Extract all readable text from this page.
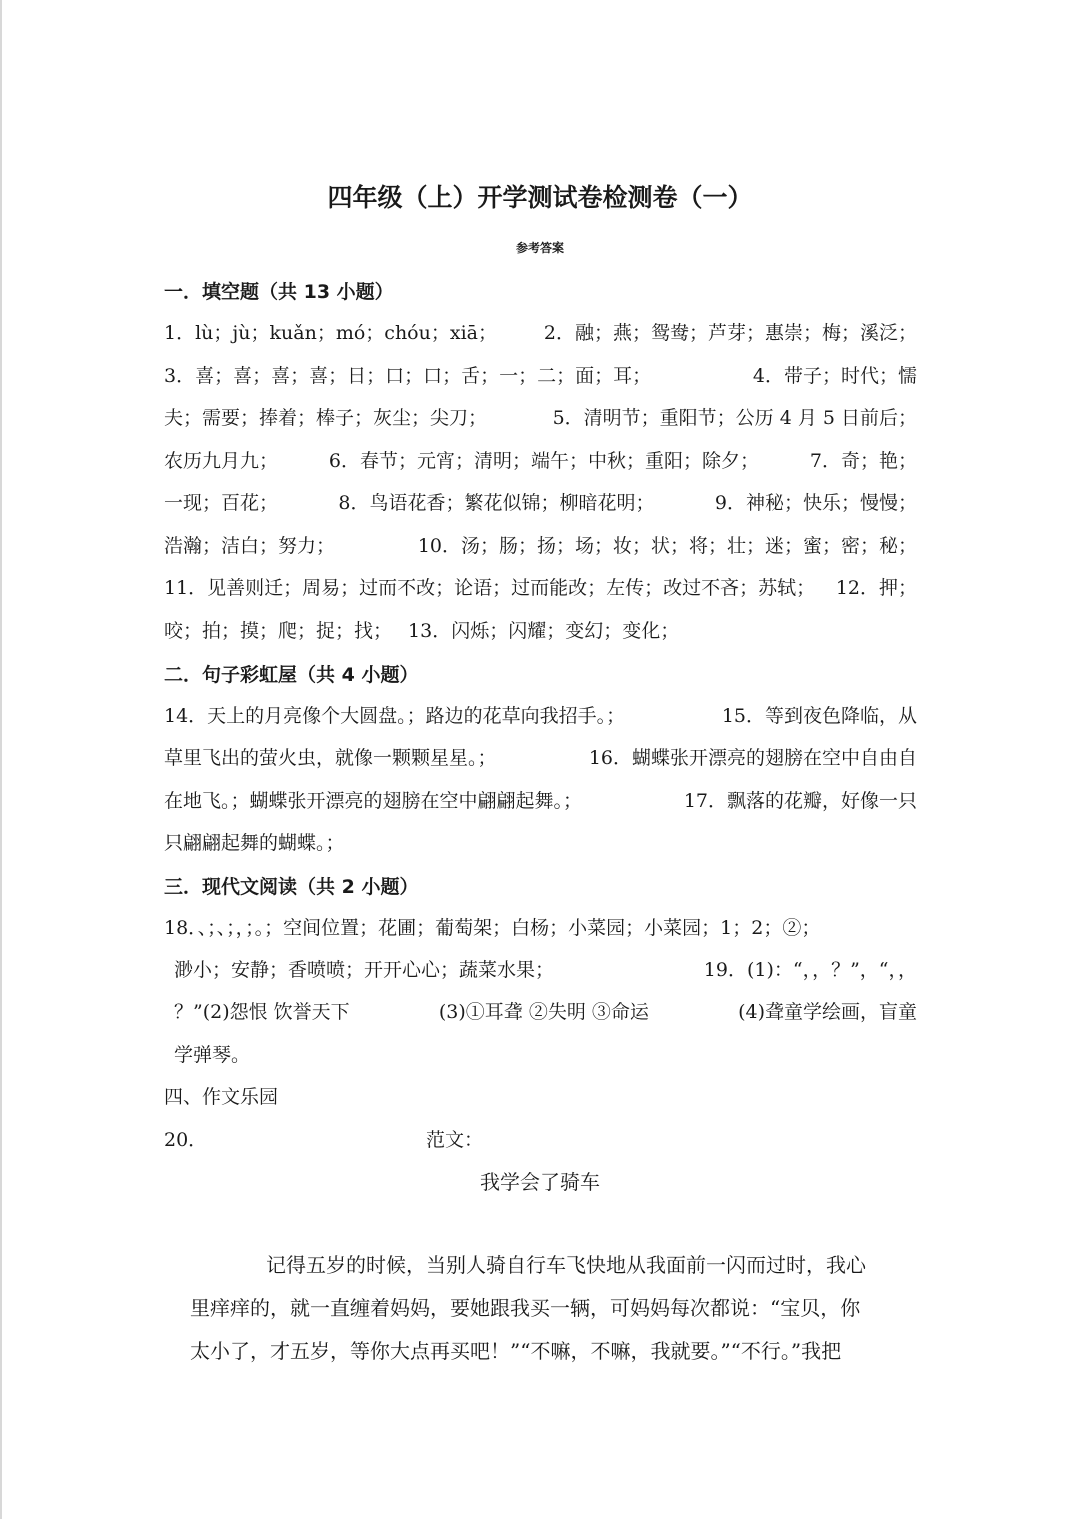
四年级（上）开学测试卷检测卷（一）
参考答案
一．填空题（共 13 小题）
1．lù；jù；kuǎn；mó；chóu；xiā； 2．融；燕；鸳鸯；芦芽；惠崇；梅；溪泛；
3．喜；喜；喜；喜；日；口；口；舌；一；二；面；耳；	4．带子；时代；懦
夫；需要；捧着；棒子；灰尘；尖刀；	5．清明节；重阳节；公历 4 月 5 日前后；
农历九月九；	6．春节；元宵；清明；端午；中秋；重阳；除夕；	7．奇；艳；
一现；百花；	8．鸟语花香；繁花似锦；柳暗花明；	9．神秘；快乐；慢慢；
浩瀚；洁白；努力；	10．汤；肠；扬；场；妆；状；将；壮；迷；蜜；密；秘；
11．见善则迁；周易；过而不改；论语；过而能改；左传；改过不吝；苏轼； 12．押；
咬；拍；摸；爬；捉；找； 13．闪烁；闪耀；变幻；变化；
二．句子彩虹屋（共 4 小题）
14．天上的月亮像个大圆盘。；路边的花草向我招手。；	15．等到夜色降临，从
草里飞出的萤火虫，就像一颗颗星星。；	16．蝴蝶张开漂亮的翅膀在空中自由自
在地飞。；蝴蝶张开漂亮的翅膀在空中翩翩起舞。；	17．飘落的花瓣，好像一只
只翩翩起舞的蝴蝶。；
三．现代文阅读（共 2 小题）
18．、；、；，；。；空间位置；花圃；葡萄架；白杨；小菜园；小菜园；1；2；②；
渺小；安静；香喷喷；开开心心；蔬菜水果；	19．(1)：“，，？”，“，，
？”(2)怨恨 饮誉天下	(3)①耳聋 ②失明 ③命运	(4)聋童学绘画，盲童
学弹琴。
四、作文乐园
20．	范文：
我学会了骑车
记得五岁的时候，当别人骑自行车飞快地从我面前一闪而过时，我心
里痒痒的，就一直缠着妈妈，要她跟我买一辆，可妈妈每次都说：“宝贝，你
太小了，才五岁，等你大点再买吧！”“不嘛，不嘛，我就要。”“不行。”我把
